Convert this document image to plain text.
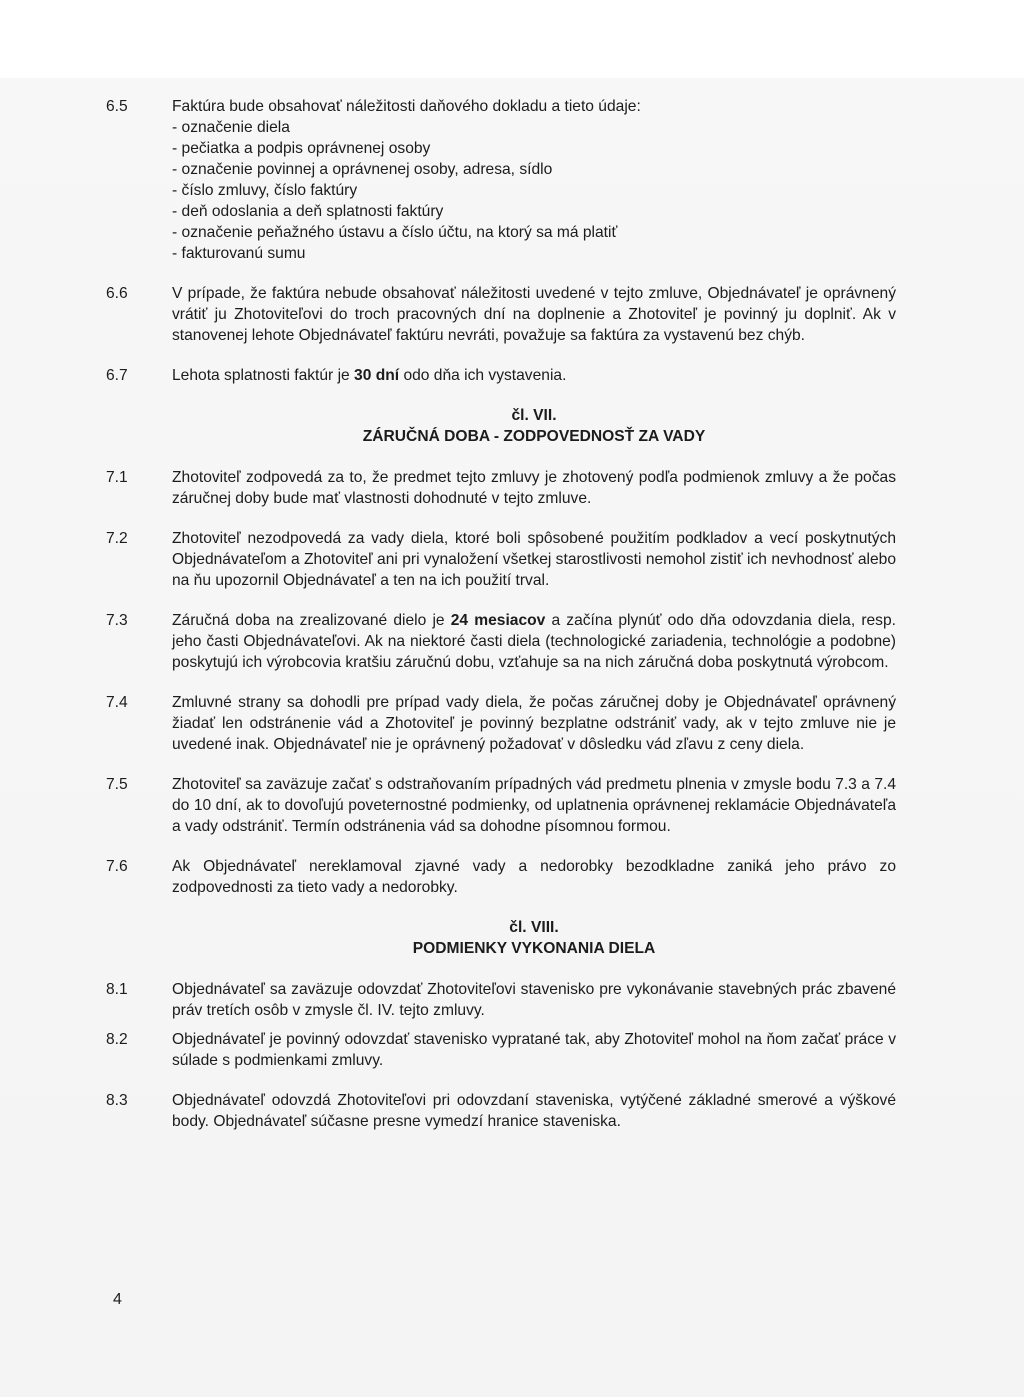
6.5	Faktúra bude obsahovať náležitosti daňového dokladu a tieto údaje:

- označenie diela
- pečiatka a podpis oprávnenej osoby
- označenie povinnej a oprávnenej osoby, adresa, sídlo
- číslo zmluvy, číslo faktúry
- deň odoslania a deň splatnosti faktúry
- označenie peňažného ústavu a číslo účtu, na ktorý sa má platiť
- fakturovanú sumu
6.6	V prípade, že faktúra nebude obsahovať náležitosti uvedené v tejto zmluve, Objednávateľ je oprávnený vrátiť ju Zhotoviteľovi do troch pracovných dní na doplnenie a Zhotoviteľ je povinný ju doplniť. Ak v stanovenej lehote Objednávateľ faktúru nevráti, považuje sa faktúra za vystavenú bez chýb.

6.7	Lehota splatnosti faktúr je 30 dní odo dňa ich vystavenia.

čl. VII.
ZÁRUČNÁ DOBA - ZODPOVEDNOSŤ ZA VADY
7.1	Zhotoviteľ zodpovedá za to, že predmet tejto zmluvy je zhotovený podľa podmienok zmluvy a že počas záručnej doby bude mať vlastnosti dohodnuté v tejto zmluve.

7.2	Zhotoviteľ nezodpovedá za vady diela, ktoré boli spôsobené použitím podkladov a vecí poskytnutých Objednávateľom a Zhotoviteľ ani pri vynaložení všetkej starostlivosti nemohol zistiť ich nevhodnosť alebo na ňu upozornil Objednávateľ a ten na ich použití trval.

7.3	Záručná doba na zrealizované dielo je 24 mesiacov a začína plynúť odo dňa odovzdania diela, resp. jeho časti Objednávateľovi. Ak na niektoré časti diela (technologické zariadenia, technológie a podobne) poskytujú ich výrobcovia kratšiu záručnú dobu, vzťahuje sa na nich záručná doba poskytnutá výrobcom.

7.4	Zmluvné strany sa dohodli pre prípad vady diela, že počas záručnej doby je Objednávateľ oprávnený žiadať len odstránenie vád a Zhotoviteľ je povinný bezplatne odstrániť vady, ak v tejto zmluve nie je uvedené inak. Objednávateľ nie je oprávnený požadovať v dôsledku vád zľavu z ceny diela.

7.5	Zhotoviteľ sa zaväzuje začať s odstraňovaním prípadných vád predmetu plnenia v zmysle bodu 7.3 a 7.4 do 10 dní, ak to dovoľujú poveternostné podmienky, od uplatnenia oprávnenej reklamácie Objednávateľa a vady odstrániť. Termín odstránenia vád sa dohodne písomnou formou.

7.6	Ak Objednávateľ nereklamoval zjavné vady a nedorobky bezodkladne zaniká jeho právo zo zodpovednosti za tieto vady a nedorobky.

čl. VIII.
PODMIENKY VYKONANIA DIELA
8.1	Objednávateľ sa zaväzuje odovzdať Zhotoviteľovi stavenisko pre vykonávanie stavebných prác zbavené práv tretích osôb v zmysle čl. IV. tejto zmluvy.

8.2	Objednávateľ je povinný odovzdať stavenisko vypratané tak, aby Zhotoviteľ mohol na ňom začať práce v súlade s podmienkami zmluvy.

8.3	Objednávateľ odovzdá Zhotoviteľovi pri odovzdaní staveniska, vytýčené základné smerové a výškové body. Objednávateľ súčasne presne vymedzí hranice staveniska.

4
